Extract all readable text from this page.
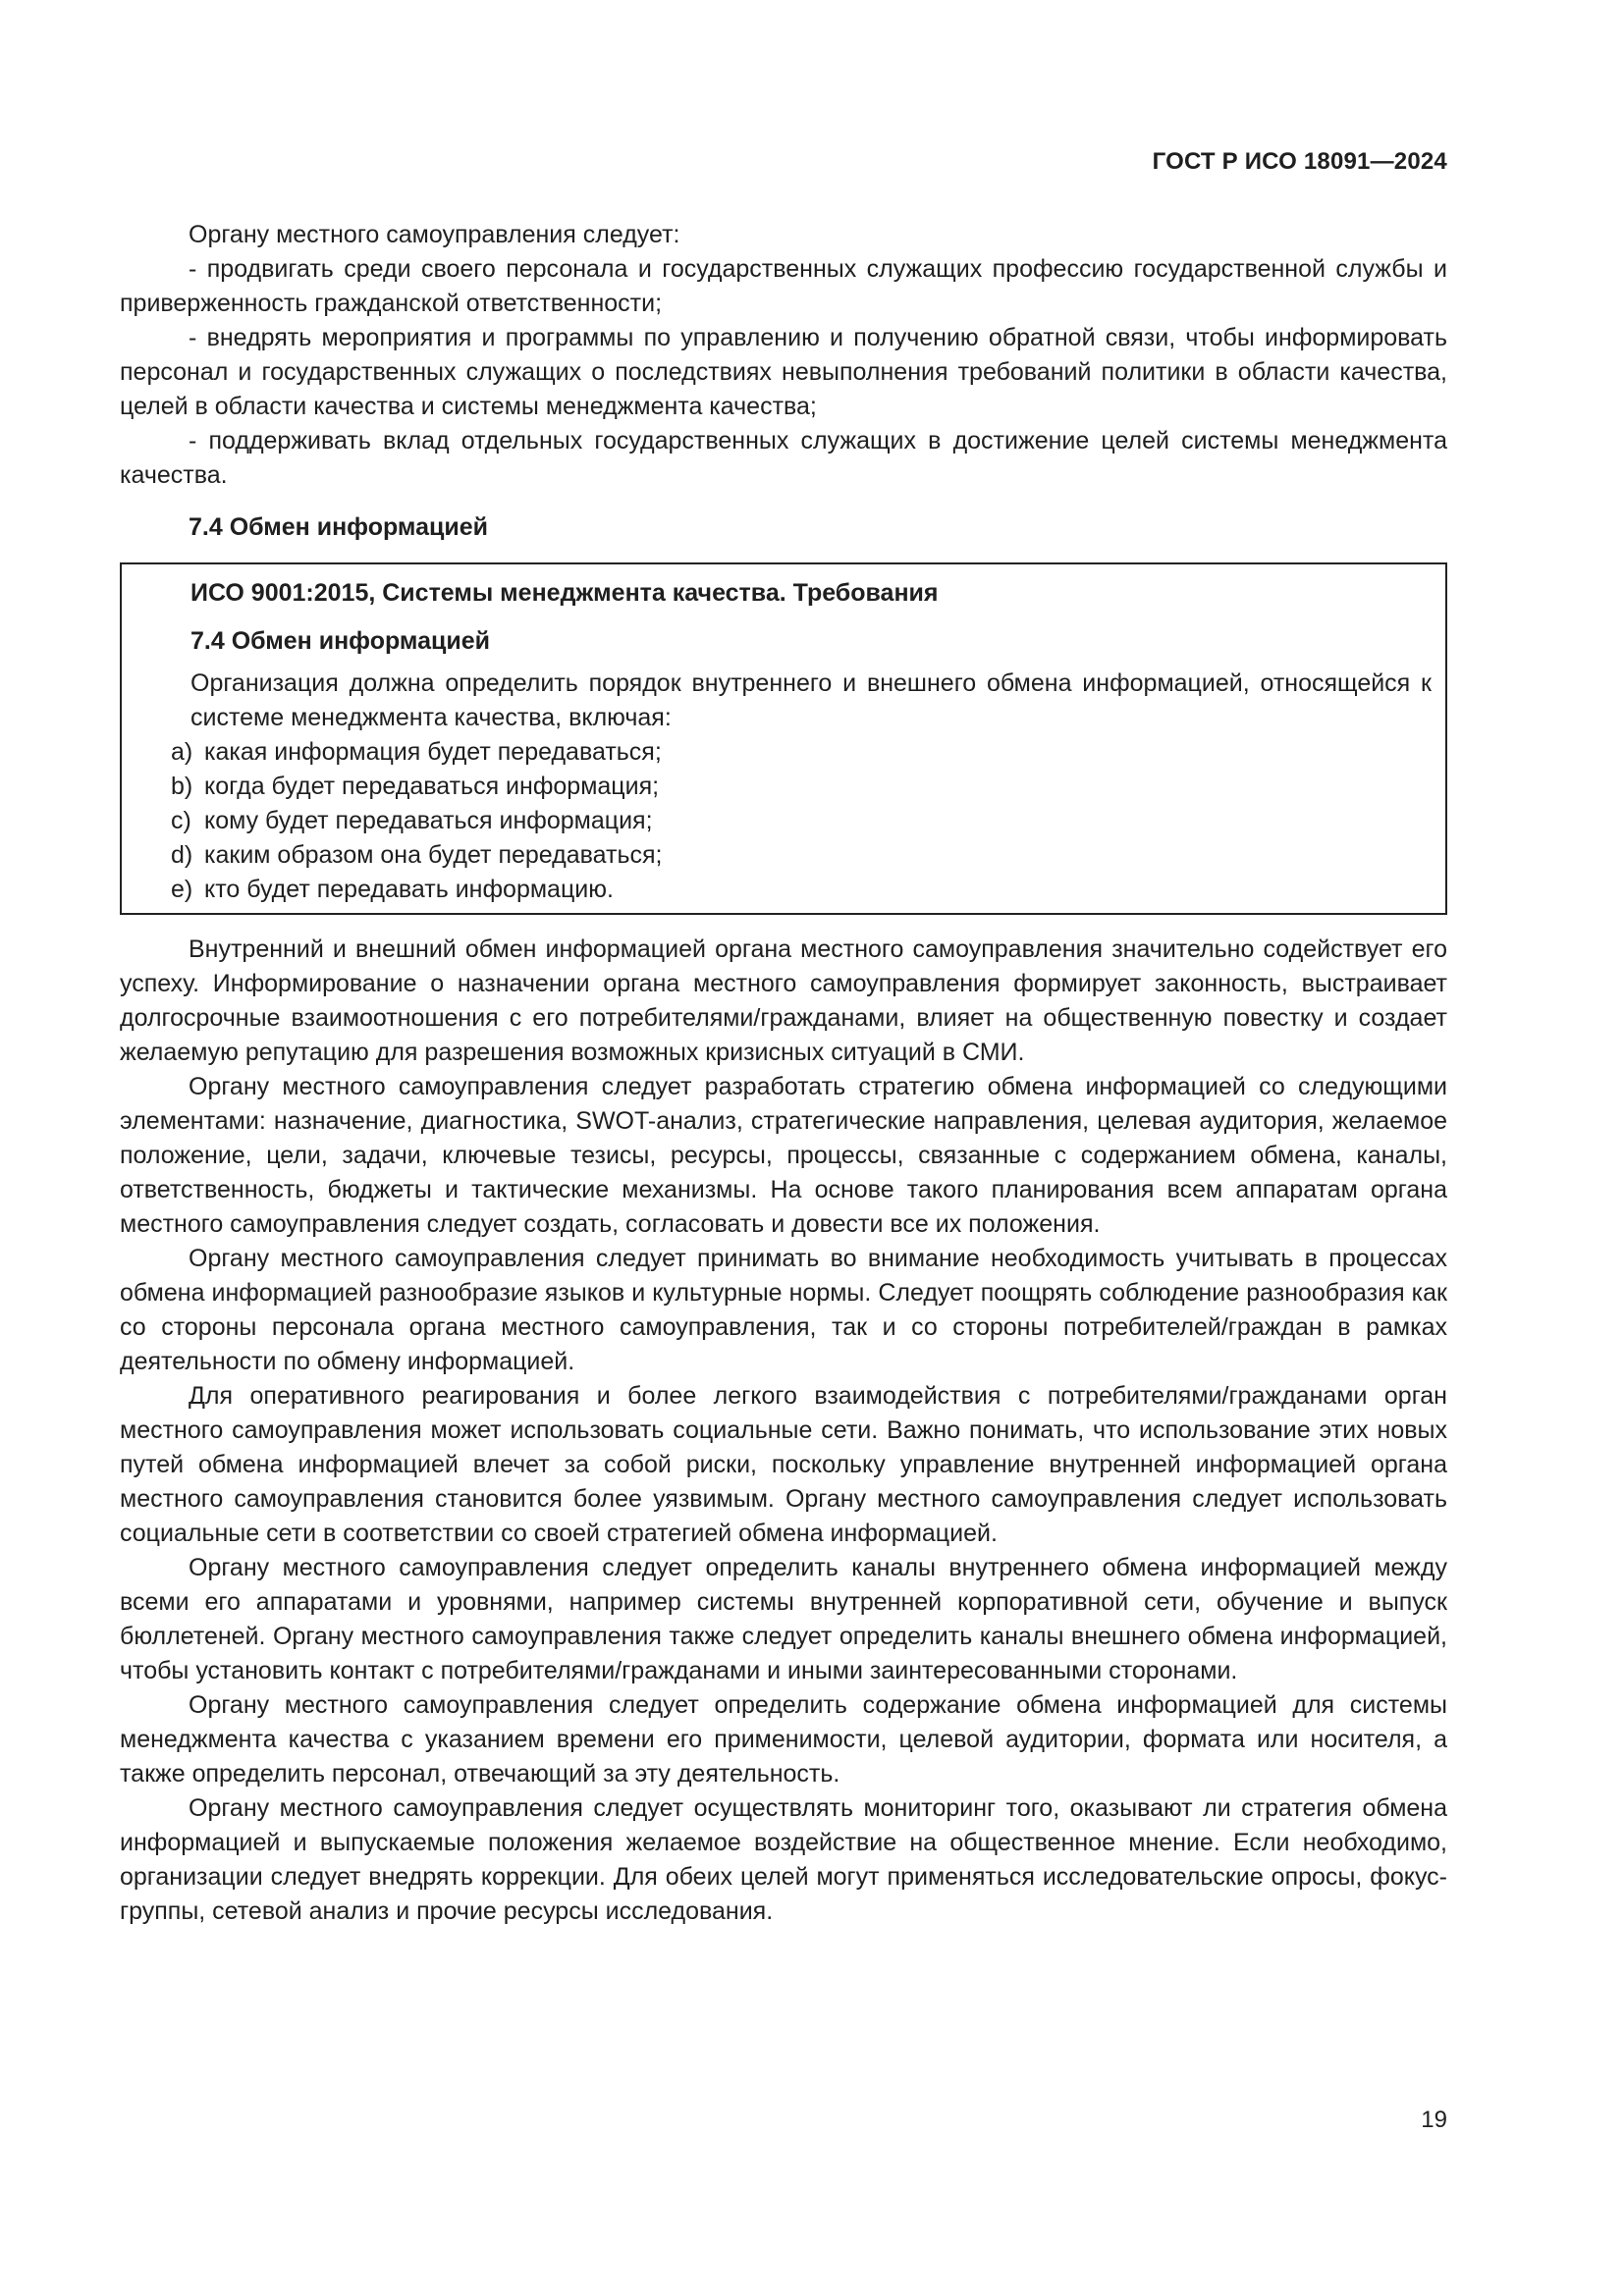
ГОСТ Р ИСО 18091—2024

Органу местного самоуправления следует:

- продвигать среди своего персонала и государственных служащих профессию государственной службы и приверженность гражданской ответственности;

- внедрять мероприятия и программы по управлению и получению обратной связи, чтобы информировать персонал и государственных служащих о последствиях невыполнения требований политики в области качества, целей в области качества и системы менеджмента качества;

- поддерживать вклад отдельных государственных служащих в достижение целей системы менеджмента качества.

7.4 Обмен информацией

ИСО 9001:2015, Системы менеджмента качества. Требования

7.4 Обмен информацией

Организация должна определить порядок внутреннего и внешнего обмена информацией, относящейся к системе менеджмента качества, включая:

a) какая информация будет передаваться;
b) когда будет передаваться информация;
c) кому будет передаваться информация;
d) каким образом она будет передаваться;
e) кто будет передавать информацию.

Внутренний и внешний обмен информацией органа местного самоуправления значительно содействует его успеху. Информирование о назначении органа местного самоуправления формирует законность, выстраивает долгосрочные взаимоотношения с его потребителями/гражданами, влияет на общественную повестку и создает желаемую репутацию для разрешения возможных кризисных ситуаций в СМИ.

Органу местного самоуправления следует разработать стратегию обмена информацией со следующими элементами: назначение, диагностика, SWOT-анализ, стратегические направления, целевая аудитория, желаемое положение, цели, задачи, ключевые тезисы, ресурсы, процессы, связанные с содержанием обмена, каналы, ответственность, бюджеты и тактические механизмы. На основе такого планирования всем аппаратам органа местного самоуправления следует создать, согласовать и довести все их положения.

Органу местного самоуправления следует принимать во внимание необходимость учитывать в процессах обмена информацией разнообразие языков и культурные нормы. Следует поощрять соблюдение разнообразия как со стороны персонала органа местного самоуправления, так и со стороны потребителей/граждан в рамках деятельности по обмену информацией.

Для оперативного реагирования и более легкого взаимодействия с потребителями/гражданами орган местного самоуправления может использовать социальные сети. Важно понимать, что использование этих новых путей обмена информацией влечет за собой риски, поскольку управление внутренней информацией органа местного самоуправления становится более уязвимым. Органу местного самоуправления следует использовать социальные сети в соответствии со своей стратегией обмена информацией.

Органу местного самоуправления следует определить каналы внутреннего обмена информацией между всеми его аппаратами и уровнями, например системы внутренней корпоративной сети, обучение и выпуск бюллетеней. Органу местного самоуправления также следует определить каналы внешнего обмена информацией, чтобы установить контакт с потребителями/гражданами и иными заинтересованными сторонами.

Органу местного самоуправления следует определить содержание обмена информацией для системы менеджмента качества с указанием времени его применимости, целевой аудитории, формата или носителя, а также определить персонал, отвечающий за эту деятельность.

Органу местного самоуправления следует осуществлять мониторинг того, оказывают ли стратегия обмена информацией и выпускаемые положения желаемое воздействие на общественное мнение. Если необходимо, организации следует внедрять коррекции. Для обеих целей могут применяться исследовательские опросы, фокус-группы, сетевой анализ и прочие ресурсы исследования.

19
